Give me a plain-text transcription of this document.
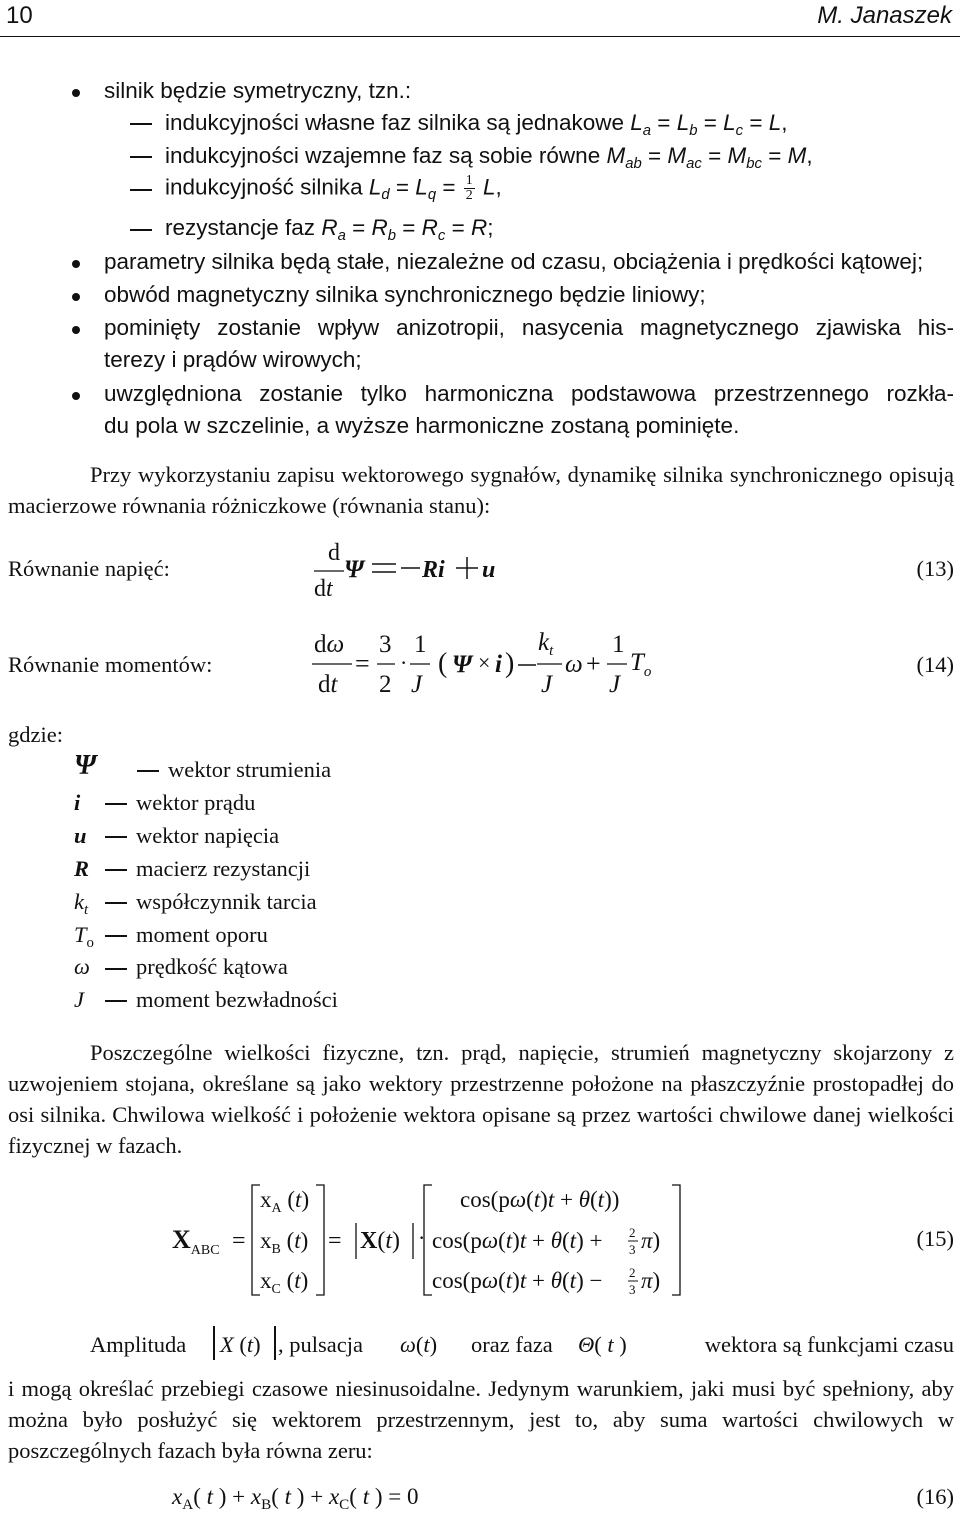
10	M. Janaszek
silnik będzie symetryczny, tzn.:
indukcyjności własne faz silnika są jednakowe $L_a = L_b = L_c = L$,
indukcyjności wzajemne faz są sobie równe $M_{ab} = M_{ac} = M_{bc} = M$,
indukcyjność silnika $L_d = L_q = \frac{1}{2} L$,
rezystancje faz $R_a = R_b = R_c = R$;
parametry silnika będą stałe, niezależne od czasu, obciążenia i prędkości kątowej;
obwód magnetyczny silnika synchronicznego będzie liniowy;
pominięty zostanie wpływ anizotropii, nasycenia magnetycznego zjawiska his-
terezy i prądów wirowych;
uwzględniona zostanie tylko harmoniczna podstawowa przestrzennego rozkła-
du pola w szczelinie, a wyższe harmoniczne zostaną pominięte.
Przy wykorzystaniu zapisu wektorowego sygnałów, dynamikę silnika synchronicznego opisują macierzowe równania różniczkowe (równania stanu):
Równanie napięć:
d
dt
Ψ Ri u	(13)
Równanie momentów:
dω
dt
=
3
2
·
1
J
( Ψ × i )
$k_t$
J
ω +
1
J
$T_o$	(14)
gdzie:
Ψ	wektor strumienia
i wektor prądu
u wektor napięcia
R macierz rezystancji
$k_t$ współczynnik tarcia
$T_o$ moment oporu
ω prędkość kątowa
J moment bezwładności
Poszczególne wielkości fizyczne, tzn. prąd, napięcie, strumień magnetyczny skojarzony z uzwojeniem stojana, określane są jako wektory przestrzenne położone na płaszczyźnie prostopadłej do osi silnika. Chwilowa wielkość i położenie wektora opisane są przez wartości chwilowe danej wielkości fizycznej w fazach.
$X_{ABC}$ =
$x_A$ (t)
$x_B$ (t)
$x_C$ (t)
= X(t) ·
cos(pω(t)t + θ(t))
cos(pω(t)t + θ(t) + 2
3 π)
cos(pω(t)t + θ(t) − 2
3 π)
(15)
Amplituda X (t) , pulsacja ω(t) oraz faza Θ( t )	wektora są funkcjami czasu
i mogą określać przebiegi czasowe niesinusoidalne. Jedynym warunkiem, jaki musi być spełniony, aby można było posłużyć się wektorem przestrzennym, jest to, aby suma wartości chwilowych w poszczególnych fazach była równa zeru:
$x_A$( t ) + $x_B$( t ) + $x_C$( t ) = 0	(16)
